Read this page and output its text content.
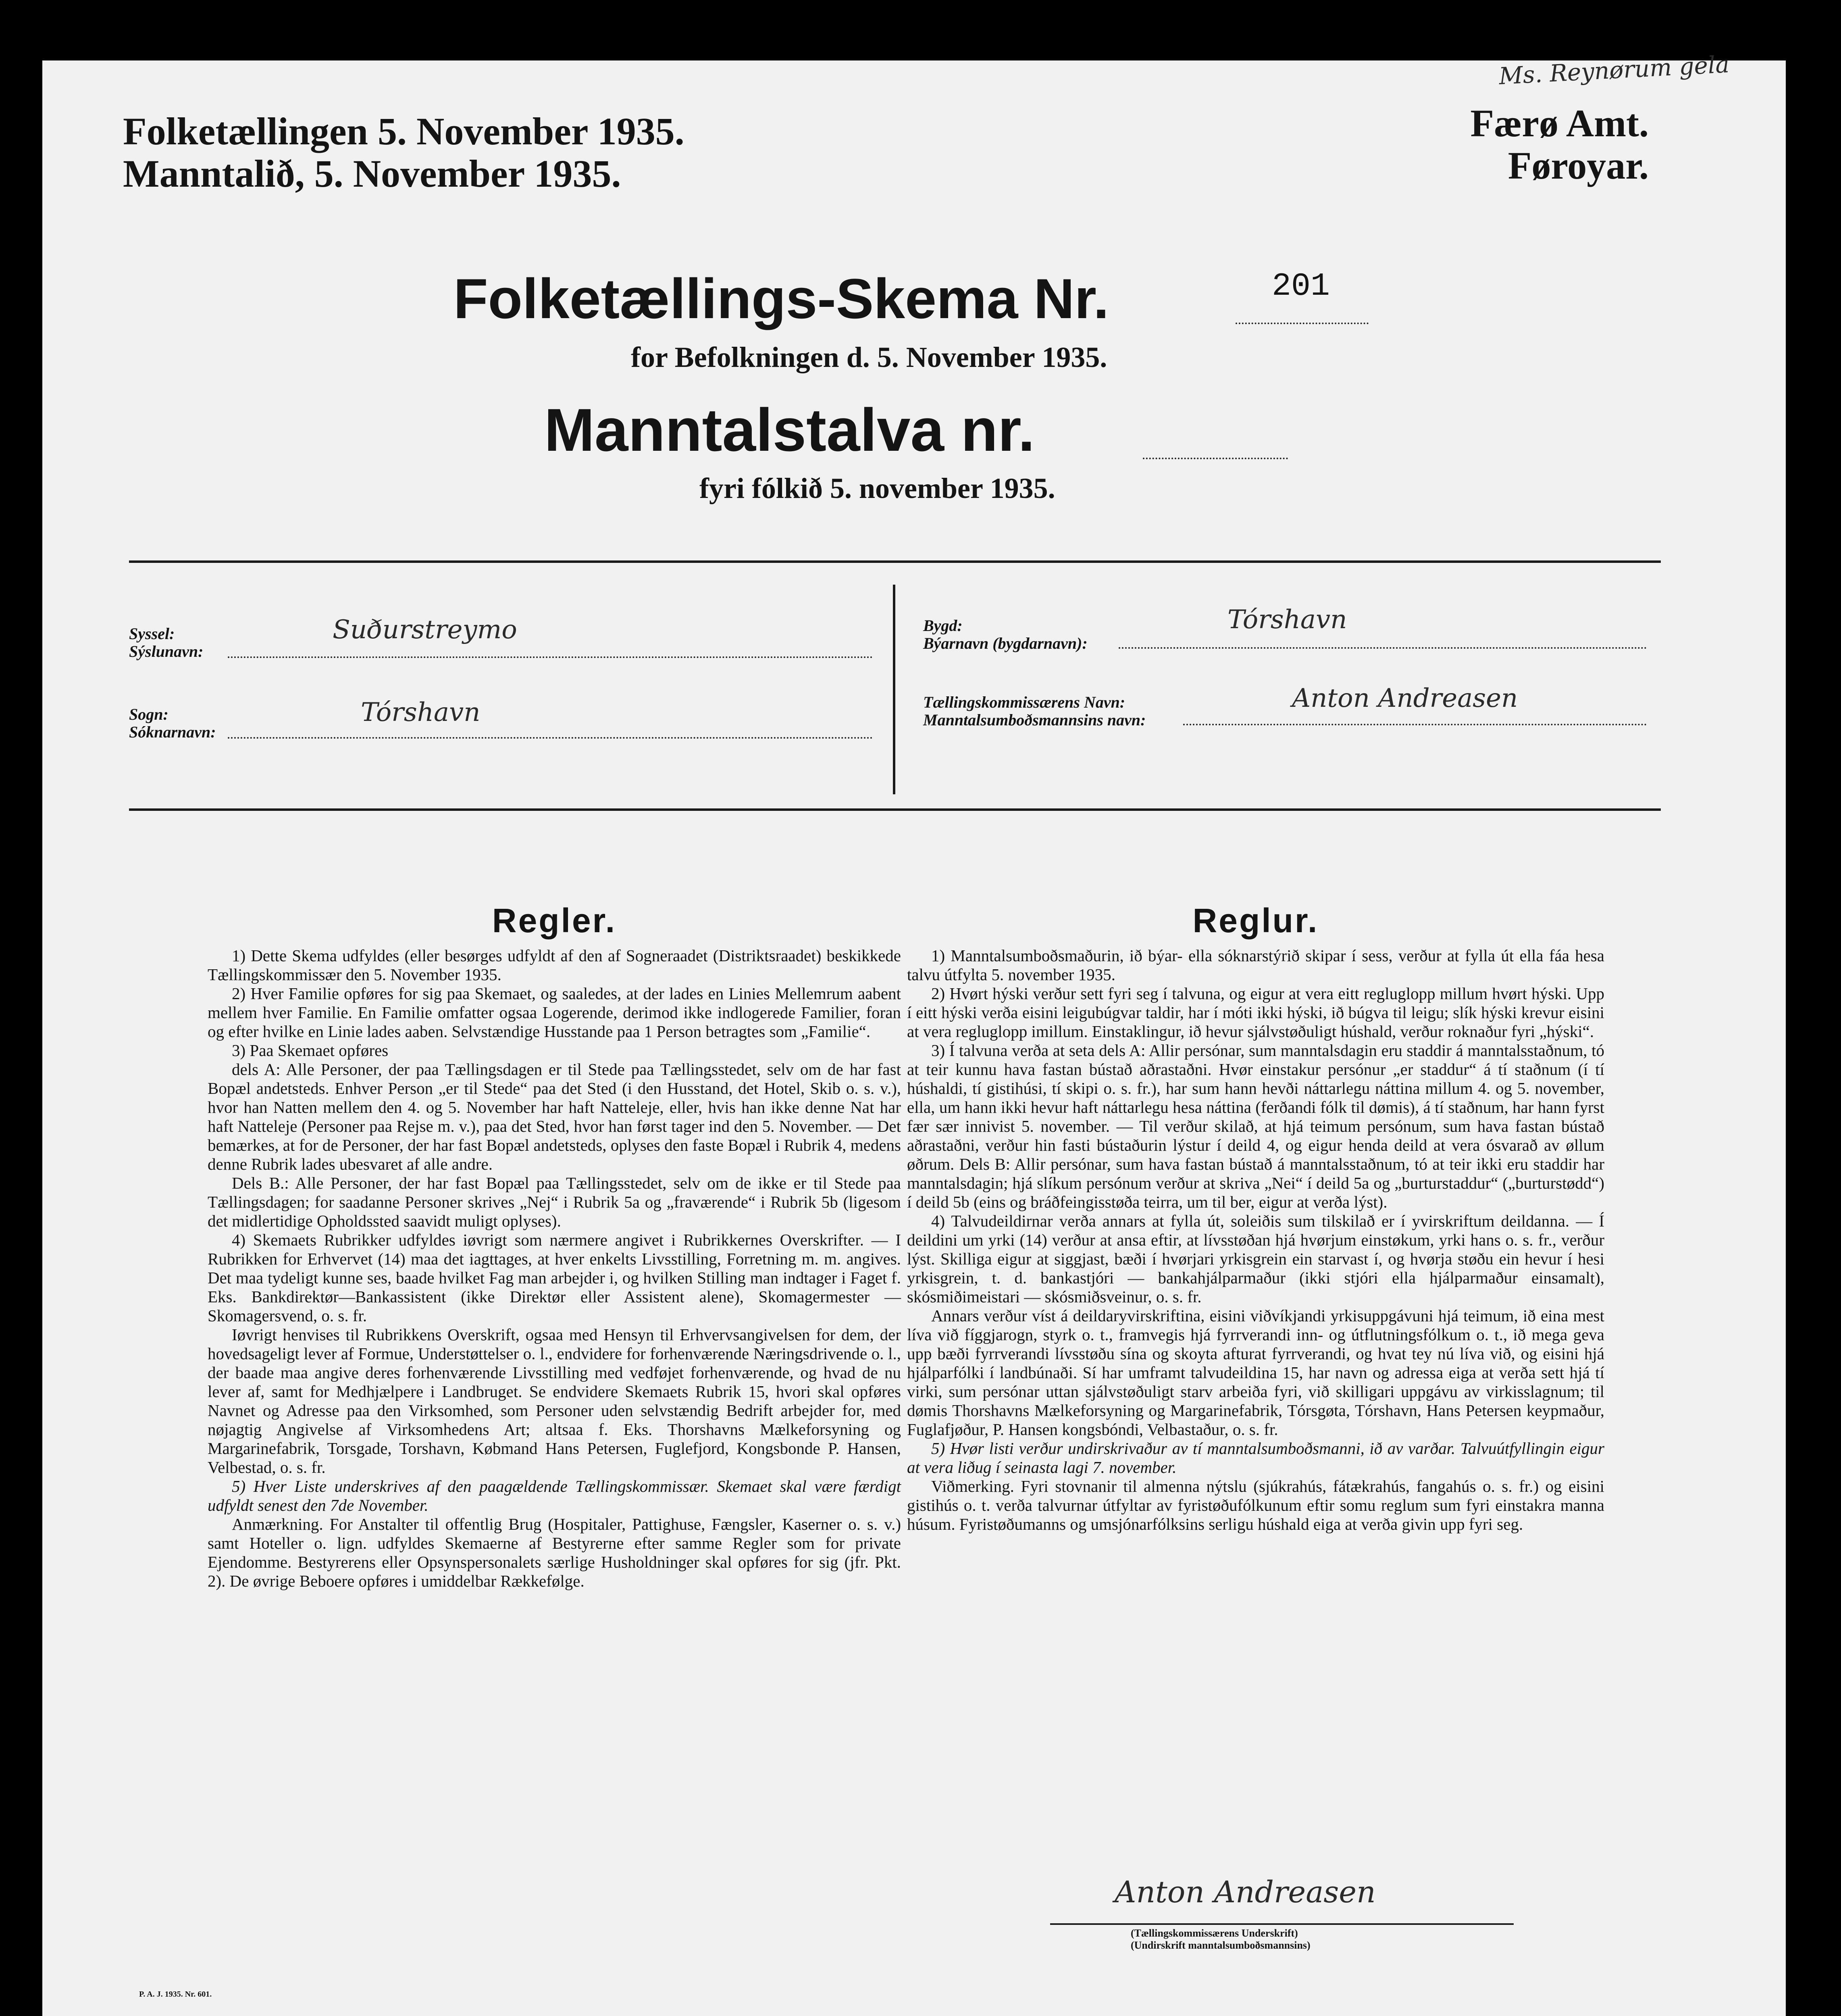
Folketællingen 5. November 1935.
Manntalið, 5. November 1935.
Færø Amt.
Føroyar.
Ms. Reynørum gela
Folketællings-Skema Nr.	201
for Befolkningen d. 5. November 1935.
Manntalstalva nr.
fyri fólkið 5. november 1935.
Syssel:
Sýslunavn:
Suðurstreymo
Sogn:
Sóknarnavn:
Tórshavn
Bygd:
Býarnavn (bygdarnavn):
Tórshavn
Tællingskommissærens Navn:
Manntalsumboðsmannsins navn:
Anton Andreasen
Regler.

1) Dette Skema udfyldes (eller besørges udfyldt af den af Sogneraadet (Distriktsraadet) beskikkede Tællingskommissær den 5. November 1935.

2) Hver Familie opføres for sig paa Skemaet, og saaledes, at der lades en Linies Mellemrum aabent mellem hver Familie. En Familie omfatter ogsaa Logerende, derimod ikke indlogerede Familier, foran og efter hvilke en Linie lades aaben. Selvstændige Husstande paa 1 Person betragtes som „Familie“.

3) Paa Skemaet opføres

dels A: Alle Personer, der paa Tællingsdagen er til Stede paa Tællingsstedet, selv om de har fast Bopæl andetsteds. Enhver Person „er til Stede“ paa det Sted (i den Husstand, det Hotel, Skib o. s. v.), hvor han Natten mellem den 4. og 5. November har haft Natteleje, eller, hvis han ikke denne Nat har haft Natteleje (Personer paa Rejse m. v.), paa det Sted, hvor han først tager ind den 5. November. — Det bemærkes, at for de Personer, der har fast Bopæl andetsteds, oplyses den faste Bopæl i Rubrik 4, medens denne Rubrik lades ubesvaret af alle andre.

Dels B.: Alle Personer, der har fast Bopæl paa Tællingsstedet, selv om de ikke er til Stede paa Tællingsdagen; for saadanne Personer skrives „Nej“ i Rubrik 5a og „fraværende“ i Rubrik 5b (ligesom det midlertidige Opholdssted saavidt muligt oplyses).

4) Skemaets Rubrikker udfyldes iøvrigt som nærmere angivet i Rubrikkernes Overskrifter. — I Rubrikken for Erhvervet (14) maa det iagttages, at hver enkelts Livsstilling, Forretning m. m. angives. Det maa tydeligt kunne ses, baade hvilket Fag man arbejder i, og hvilken Stilling man indtager i Faget f. Eks. Bankdirektør—Bankassistent (ikke Direktør eller Assistent alene), Skomagermester — Skomagersvend, o. s. fr.

Iøvrigt henvises til Rubrikkens Overskrift, ogsaa med Hensyn til Erhvervsangivelsen for dem, der hovedsageligt lever af Formue, Understøttelser o. l., endvidere for forhenværende Næringsdrivende o. l., der baade maa angive deres forhenværende Livsstilling med vedføjet forhenværende, og hvad de nu lever af, samt for Medhjælpere i Landbruget. Se endvidere Skemaets Rubrik 15, hvori skal opføres Navnet og Adresse paa den Virksomhed, som Personer uden selvstændig Bedrift arbejder for, med nøjagtig Angivelse af Virksomhedens Art; altsaa f. Eks. Thorshavns Mælkeforsyning og Margarinefabrik, Torsgade, Torshavn, Købmand Hans Petersen, Fuglefjord, Kongsbonde P. Hansen, Velbestad, o. s. fr.

5) Hver Liste underskrives af den paagældende Tællingskommissær. Skemaet skal være færdigt udfyldt senest den 7de November.

Anmærkning. For Anstalter til offentlig Brug (Hospitaler, Pattighuse, Fængsler, Kaserner o. s. v.) samt Hoteller o. lign. udfyldes Skemaerne af Bestyrerne efter samme Regler som for private Ejendomme. Bestyrerens eller Opsynspersonalets særlige Husholdninger skal opføres for sig (jfr. Pkt. 2). De øvrige Beboere opføres i umiddelbar Rækkefølge.

Reglur.

1) Manntalsumboðsmaðurin, ið býar- ella sóknarstýrið skipar í sess, verður at fylla út ella fáa hesa talvu útfylta 5. november 1935.

2) Hvørt hýski verður sett fyri seg í talvuna, og eigur at vera eitt regluglopp millum hvørt hýski. Upp í eitt hýski verða eisini leigubúgvar taldir, har í móti ikki hýski, ið búgva til leigu; slík hýski krevur eisini at vera regluglopp imillum. Einstaklingur, ið hevur sjálvstøðuligt húshald, verður roknaður fyri „hýski“.

3) Í talvuna verða at seta dels A: Allir persónar, sum manntalsdagin eru staddir á manntalsstaðnum, tó at teir kunnu hava fastan bústað aðrastaðni. Hvør einstakur persónur „er staddur“ á tí staðnum (í tí húshaldi, tí gistihúsi, tí skipi o. s. fr.), har sum hann hevði náttarlegu náttina millum 4. og 5. november, ella, um hann ikki hevur haft náttarlegu hesa náttina (ferðandi fólk til dømis), á tí staðnum, har hann fyrst fær sær innivist 5. november. — Til verður skilað, at hjá teimum persónum, sum hava fastan bústað aðrastaðni, verður hin fasti bústaðurin lýstur í deild 4, og eigur henda deild at vera ósvarað av øllum øðrum. Dels B: Allir persónar, sum hava fastan bústað á manntalsstaðnum, tó at teir ikki eru staddir har manntalsdagin; hjá slíkum persónum verður at skriva „Nei“ í deild 5a og „burturstaddur“ („burturstødd“) í deild 5b (eins og bráðfeingisstøða teirra, um til ber, eigur at verða lýst).

4) Talvudeildirnar verða annars at fylla út, soleiðis sum tilskilað er í yvirskriftum deildanna. — Í deildini um yrki (14) verður at ansa eftir, at lívsstøðan hjá hvørjum einstøkum, yrki hans o. s. fr., verður lýst. Skilliga eigur at siggjast, bæði í hvørjari yrkisgrein ein starvast í, og hvørja støðu ein hevur í hesi yrkisgrein, t. d. bankastjóri — bankahjálparmaður (ikki stjóri ella hjálparmaður einsamalt), skósmiðimeistari — skósmiðsveinur, o. s. fr.

Annars verður víst á deildaryvirskriftina, eisini viðvíkjandi yrkisuppgávuni hjá teimum, ið eina mest líva við fíggjarogn, styrk o. t., framvegis hjá fyrrverandi inn- og útflutningsfólkum o. t., ið mega geva upp bæði fyrrverandi lívsstøðu sína og skoyta afturat fyrrverandi, og hvat tey nú líva við, og eisini hjá hjálparfólki í landbúnaði. Sí har umframt talvudeildina 15, har navn og adressa eiga at verða sett hjá tí virki, sum persónar uttan sjálvstøðuligt starv arbeiða fyri, við skilligari uppgávu av virkisslagnum; til dømis Thorshavns Mælkeforsyning og Margarinefabrik, Tórsgøta, Tórshavn, Hans Petersen keypmaður, Fuglafjøður, P. Hansen kongsbóndi, Velbastaður, o. s. fr.

5) Hvør listi verður undirskrivaður av tí manntalsumboðsmanni, ið av varðar. Talvuútfyllingin eigur at vera liðug í seinasta lagi 7. november.

Viðmerking. Fyri stovnanir til almenna nýtslu (sjúkrahús, fátækrahús, fangahús o. s. fr.) og eisini gistihús o. t. verða talvurnar útfyltar av fyristøðufólkunum eftir somu reglum sum fyri einstakra manna húsum. Fyristøðumanns og umsjónarfólksins serligu húshald eiga at verða givin upp fyri seg.

Anton Andreasen
(Tællingskommissærens Underskrift)
(Undirskrift manntalsumboðsmannsins)
P. A. J. 1935. Nr. 601.
